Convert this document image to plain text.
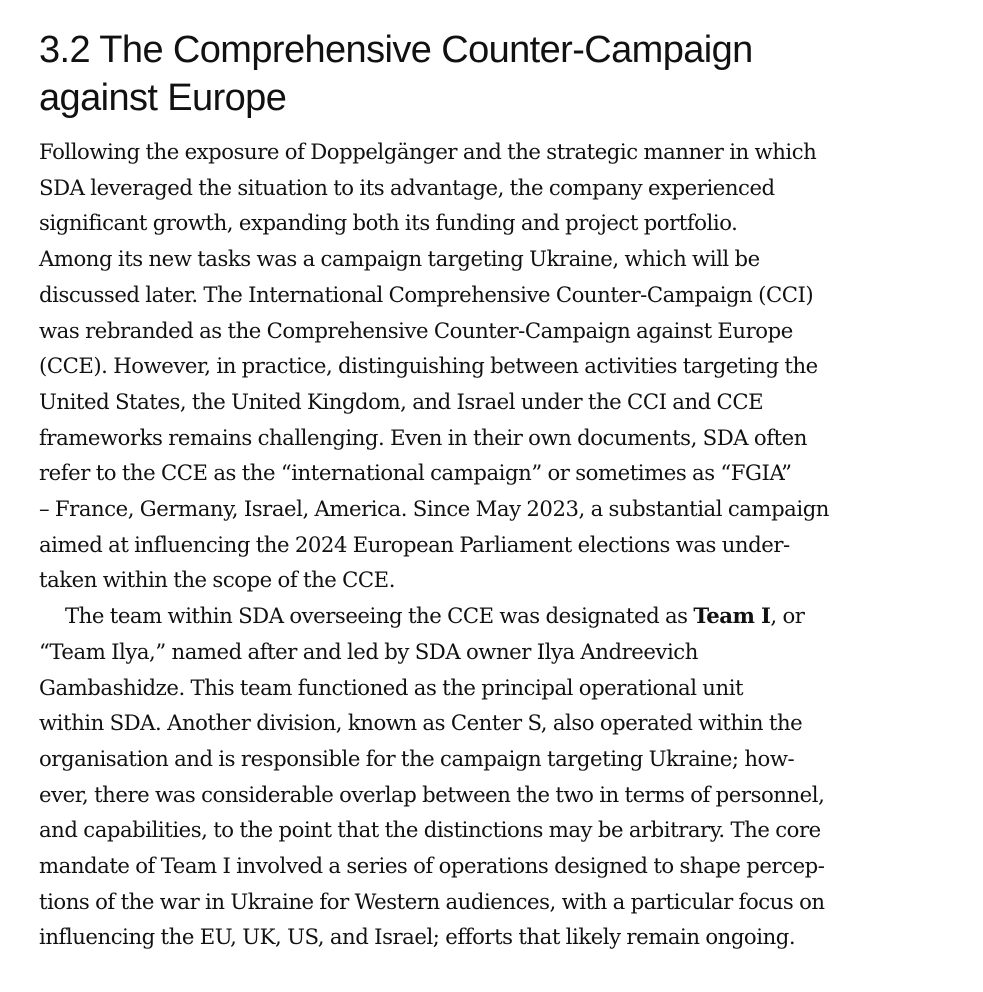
3.2 The Comprehensive Counter-Campaign
against Europe

Following the exposure of Doppelgänger and the strategic manner in which
SDA leveraged the situation to its advantage, the company experienced
significant growth, expanding both its funding and project portfolio.
Among its new tasks was a campaign targeting Ukraine, which will be
discussed later. The International Comprehensive Counter-Campaign (CCI)
was rebranded as the Comprehensive Counter-Campaign against Europe
(CCE). However, in practice, distinguishing between activities targeting the
United States, the United Kingdom, and Israel under the CCI and CCE
frameworks remains challenging. Even in their own documents, SDA often
refer to the CCE as the “international campaign” or sometimes as “FGIA”
– France, Germany, Israel, America. Since May 2023, a substantial campaign
aimed at influencing the 2024 European Parliament elections was under-
taken within the scope of the CCE.

The team within SDA overseeing the CCE was designated as Team I, or
“Team Ilya,” named after and led by SDA owner Ilya Andreevich
Gambashidze. This team functioned as the principal operational unit
within SDA. Another division, known as Center S, also operated within the
organisation and is responsible for the campaign targeting Ukraine; how-
ever, there was considerable overlap between the two in terms of personnel,
and capabilities, to the point that the distinctions may be arbitrary. The core
mandate of Team I involved a series of operations designed to shape percep-
tions of the war in Ukraine for Western audiences, with a particular focus on
influencing the EU, UK, US, and Israel; efforts that likely remain ongoing.
